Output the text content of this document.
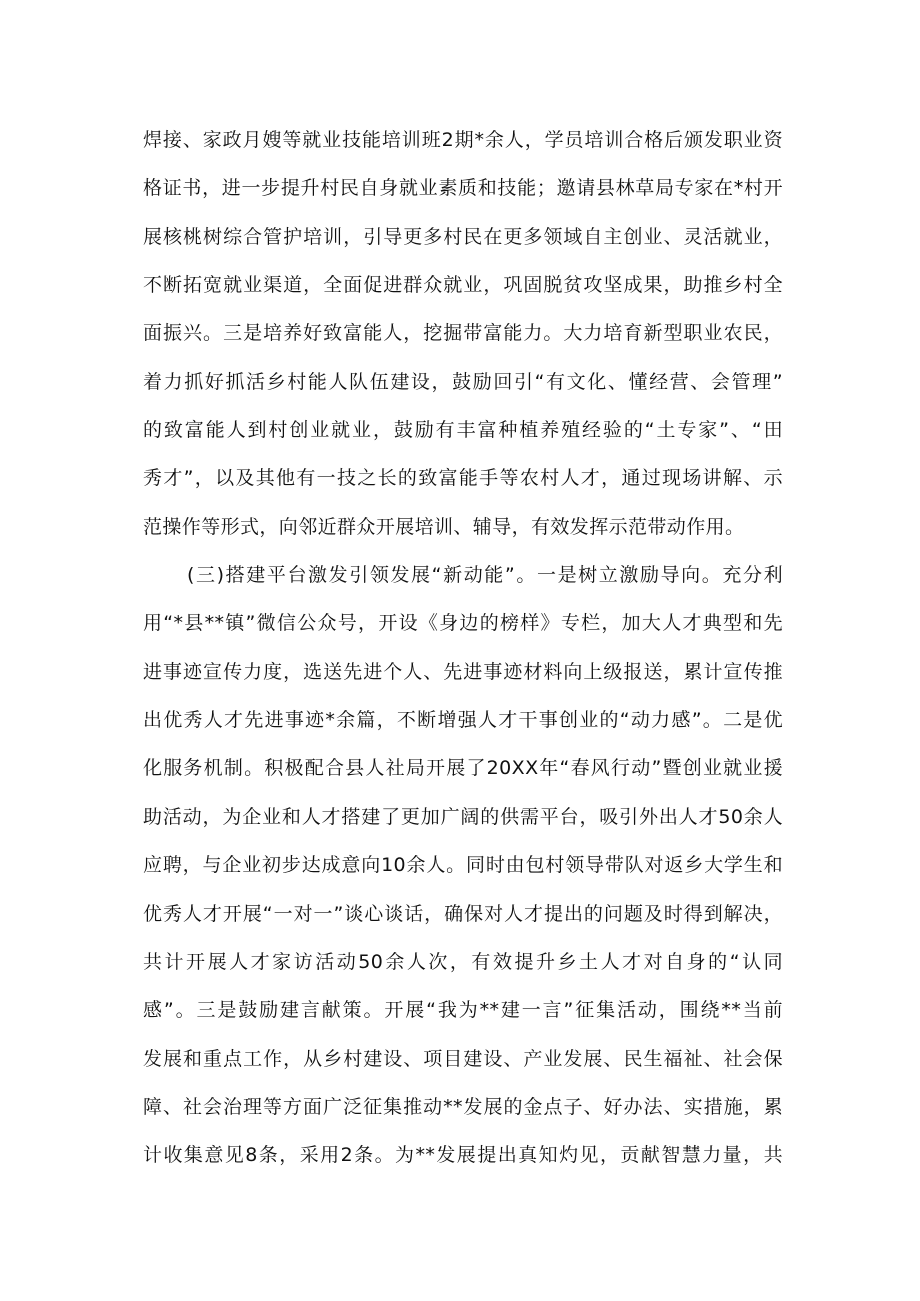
焊接、家政月嫂等就业技能培训班2期*余人，学员培训合格后颁发职业资
格证书，进一步提升村民自身就业素质和技能；邀请县林草局专家在*村开
展核桃树综合管护培训，引导更多村民在更多领域自主创业、灵活就业，
不断拓宽就业渠道，全面促进群众就业，巩固脱贫攻坚成果，助推乡村全
面振兴。三是培养好致富能人，挖掘带富能力。大力培育新型职业农民，
着力抓好抓活乡村能人队伍建设，鼓励回引“有文化、懂经营、会管理”
的致富能人到村创业就业，鼓励有丰富种植养殖经验的“土专家”、“田
秀才”，以及其他有一技之长的致富能手等农村人才，通过现场讲解、示
范操作等形式，向邻近群众开展培训、辅导，有效发挥示范带动作用。
(三)搭建平台激发引领发展“新动能”。一是树立激励导向。充分利
用“*县**镇”微信公众号，开设《身边的榜样》专栏，加大人才典型和先
进事迹宣传力度，选送先进个人、先进事迹材料向上级报送，累计宣传推
出优秀人才先进事迹*余篇，不断增强人才干事创业的“动力感”。二是优
化服务机制。积极配合县人社局开展了20XX年“春风行动”暨创业就业援
助活动，为企业和人才搭建了更加广阔的供需平台，吸引外出人才50余人
应聘，与企业初步达成意向10余人。同时由包村领导带队对返乡大学生和
优秀人才开展“一对一”谈心谈话，确保对人才提出的问题及时得到解决，
共计开展人才家访活动50余人次，有效提升乡土人才对自身的“认同
感”。三是鼓励建言献策。开展“我为**建一言”征集活动，围绕**当前
发展和重点工作，从乡村建设、项目建设、产业发展、民生福祉、社会保
障、社会治理等方面广泛征集推动**发展的金点子、好办法、实措施，累
计收集意见8条，采用2条。为**发展提出真知灼见，贡献智慧力量，共
